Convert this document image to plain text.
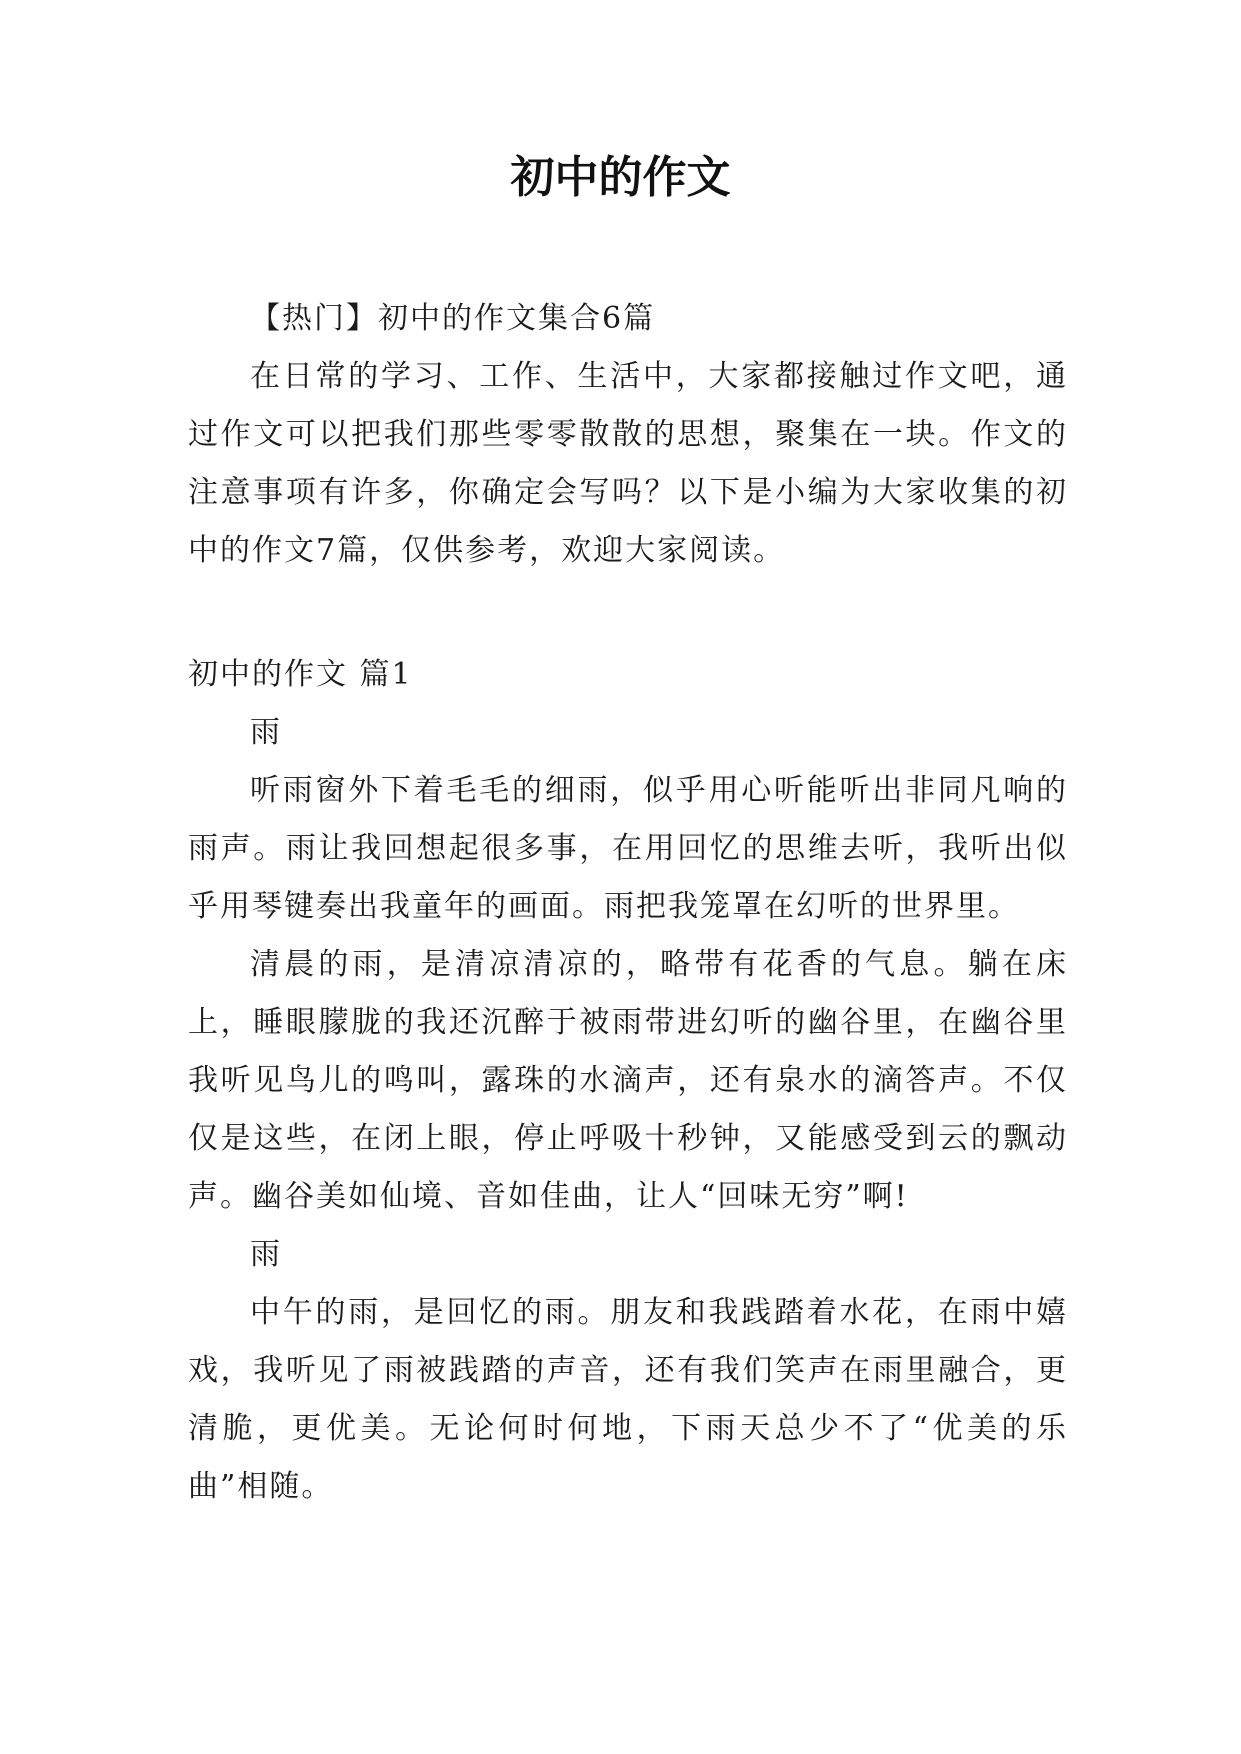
初中的作文

【热门】初中的作文集合6篇

在日常的学习、工作、生活中，大家都接触过作文吧，通过作文可以把我们那些零零散散的思想，聚集在一块。作文的注意事项有许多，你确定会写吗？以下是小编为大家收集的初中的作文7篇，仅供参考，欢迎大家阅读。

初中的作文 篇1

雨

听雨窗外下着毛毛的细雨，似乎用心听能听出非同凡响的雨声。雨让我回想起很多事，在用回忆的思维去听，我听出似乎用琴键奏出我童年的画面。雨把我笼罩在幻听的世界里。

清晨的雨，是清凉清凉的，略带有花香的气息。躺在床上，睡眼朦胧的我还沉醉于被雨带进幻听的幽谷里，在幽谷里我听见鸟儿的鸣叫，露珠的水滴声，还有泉水的滴答声。不仅仅是这些，在闭上眼，停止呼吸十秒钟，又能感受到云的飘动声。幽谷美如仙境、音如佳曲，让人“回味无穷”啊!

雨

中午的雨，是回忆的雨。朋友和我践踏着水花，在雨中嬉戏，我听见了雨被践踏的声音，还有我们笑声在雨里融合，更清脆，更优美。无论何时何地，下雨天总少不了“优美的乐曲”相随。
